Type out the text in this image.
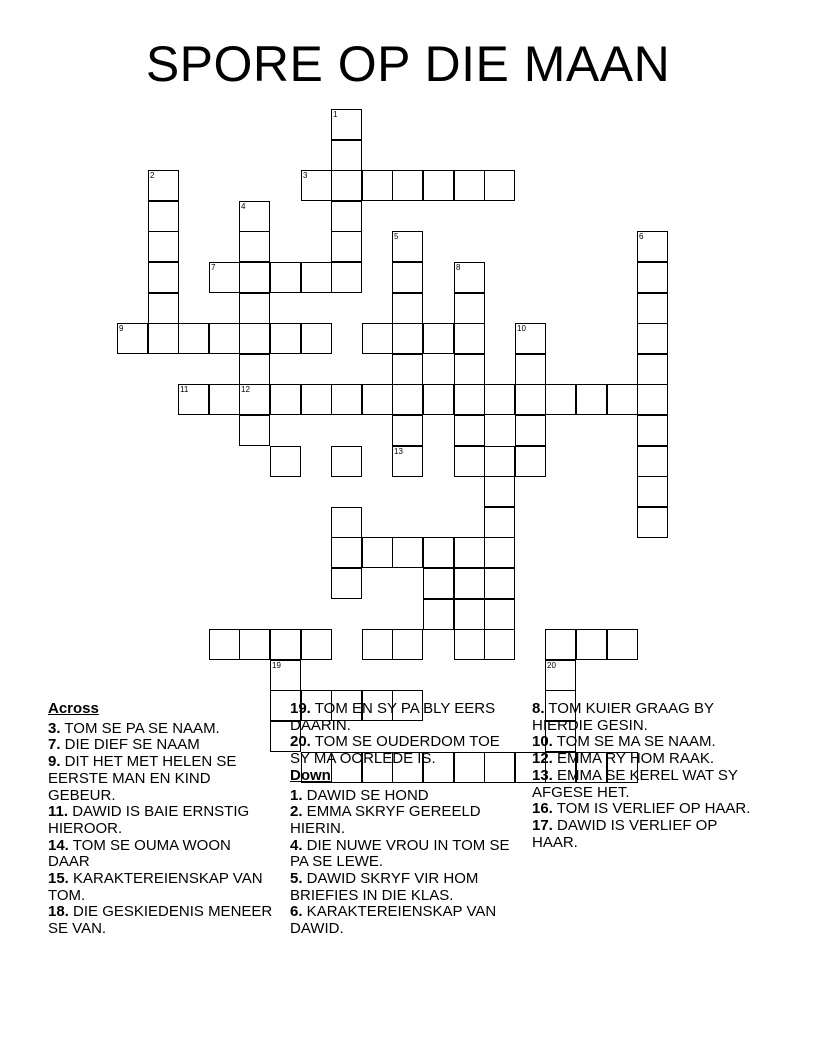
SPORE OP DIE MAAN
1
2	3
4
12
5
13
6
7	8
9	10
11
19	20
Across
3. TOM SE PA SE NAAM.
7. DIE DIEF SE NAAM
9. DIT HET MET HELEN SE EERSTE MAN EN KIND GEBEUR.
11. DAWID IS BAIE ERNSTIG HIEROOR.
14. TOM SE OUMA WOON DAAR
15. KARAKTEREIENSKAP VAN TOM.
18. DIE GESKIEDENIS MENEER SE VAN.
19. TOM EN SY PA BLY EERS DAARIN.
20. TOM SE OUDERDOM TOE SY MA OORLEDE IS.
Down
1. DAWID SE HOND
2. EMMA SKRYF GEREELD HIERIN.
4. DIE NUWE VROU IN TOM SE PA SE LEWE.
5. DAWID SKRYF VIR HOM BRIEFIES IN DIE KLAS.
6. KARAKTEREIENSKAP VAN DAWID.
8. TOM KUIER GRAAG BY HIERDIE GESIN.
10. TOM SE MA SE NAAM.
12. EMMA RY HOM RAAK.
13. EMMA SE KEREL WAT SY AFGESE HET.
16. TOM IS VERLIEF OP HAAR.
17. DAWID IS VERLIEF OP HAAR.
